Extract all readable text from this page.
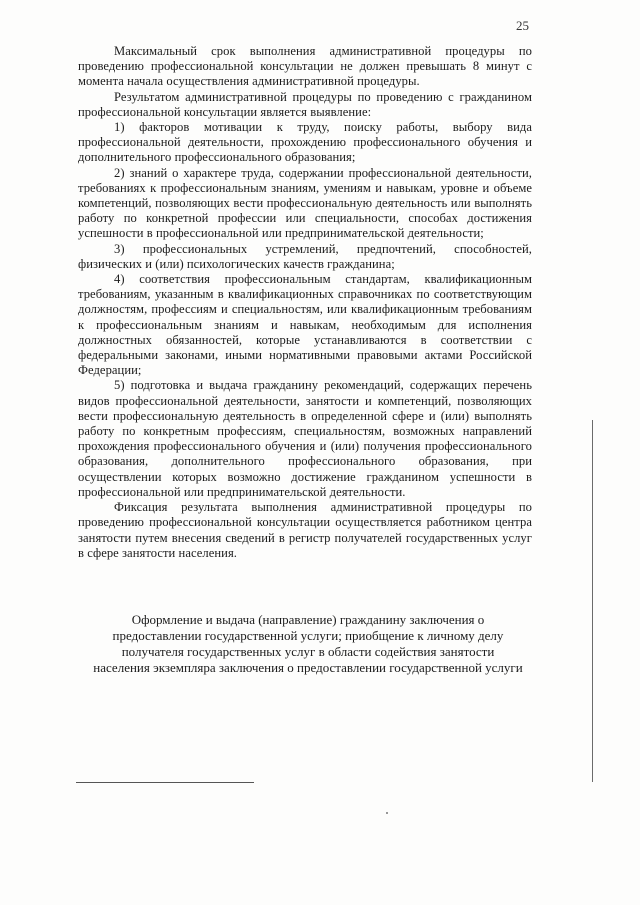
25

Максимальный срок выполнения административной процедуры по проведению профессиональной консультации не должен превышать 8 минут с момента начала осуществления административной процедуры.

Результатом административной процедуры по проведению с гражданином профессиональной консультации является выявление:

1) факторов мотивации к труду, поиску работы, выбору вида профессиональной деятельности, прохождению профессионального обучения и дополнительного профессионального образования;

2) знаний о характере труда, содержании профессиональной деятельности, требованиях к профессиональным знаниям, умениям и навыкам, уровне и объеме компетенций, позволяющих вести профессиональную деятельность или выполнять работу по конкретной профессии или специальности, способах достижения успешности в профессиональной или предпринимательской деятельности;

3) профессиональных устремлений, предпочтений, способностей, физических и (или) психологических качеств гражданина;

4) соответствия профессиональным стандартам, квалификационным требованиям, указанным в квалификационных справочниках по соответствующим должностям, профессиям и специальностям, или квалификационным требованиям к профессиональным знаниям и навыкам, необходимым для исполнения должностных обязанностей, которые устанавливаются в соответствии с федеральными законами, иными нормативными правовыми актами Российской Федерации;

5) подготовка и выдача гражданину рекомендаций, содержащих перечень видов профессиональной деятельности, занятости и компетенций, позволяющих вести профессиональную деятельность в определенной сфере и (или) выполнять работу по конкретным профессиям, специальностям, возможных направлений прохождения профессионального обучения и (или) получения профессионального образования, дополнительного профессионального образования, при осуществлении которых возможно достижение гражданином успешности в профессиональной или предпринимательской деятельности.

Фиксация результата выполнения административной процедуры по проведению профессиональной консультации осуществляется работником центра занятости путем внесения сведений в регистр получателей государственных услуг в сфере занятости населения.

Оформление и выдача (направление) гражданину заключения о

предоставлении государственной услуги; приобщение к личному делу

получателя государственных услуг в области содействия занятости

населения экземпляра заключения о предоставлении государственной услуги
